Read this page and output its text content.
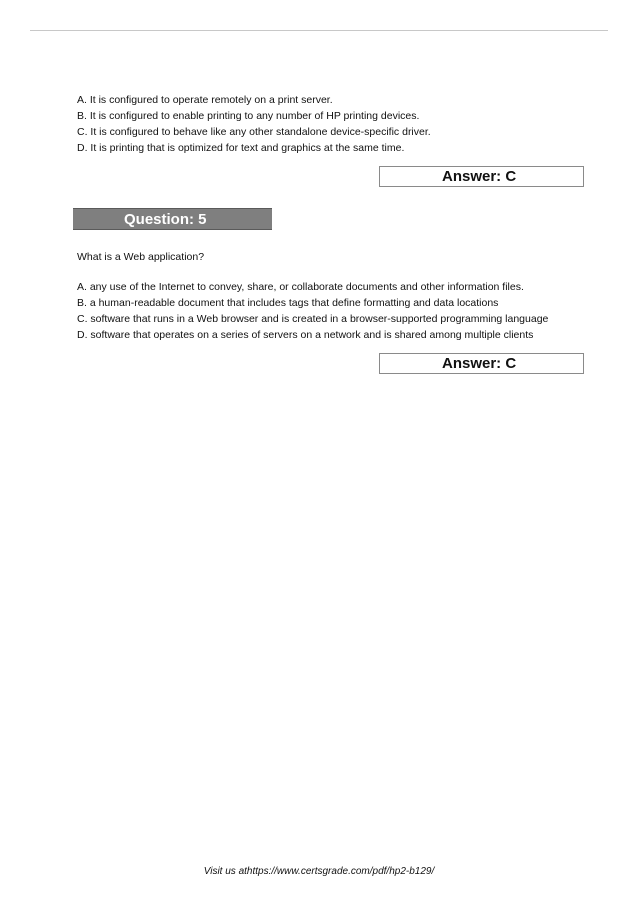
A. It is configured to operate remotely on a print server.
B. It is configured to enable printing to any number of HP printing devices.
C. It is configured to behave like any other standalone device-specific driver.
D. It is printing that is optimized for text and graphics at the same time.
Answer: C
Question: 5
What is a Web application?
A. any use of the Internet to convey, share, or collaborate documents and other information files.
B. a human-readable document that includes tags that define formatting and data locations
C. software that runs in a Web browser and is created in a browser-supported programming language
D. software that operates on a series of servers on a network and is shared among multiple clients
Answer: C
Visit us athttps://www.certsgrade.com/pdf/hp2-b129/
